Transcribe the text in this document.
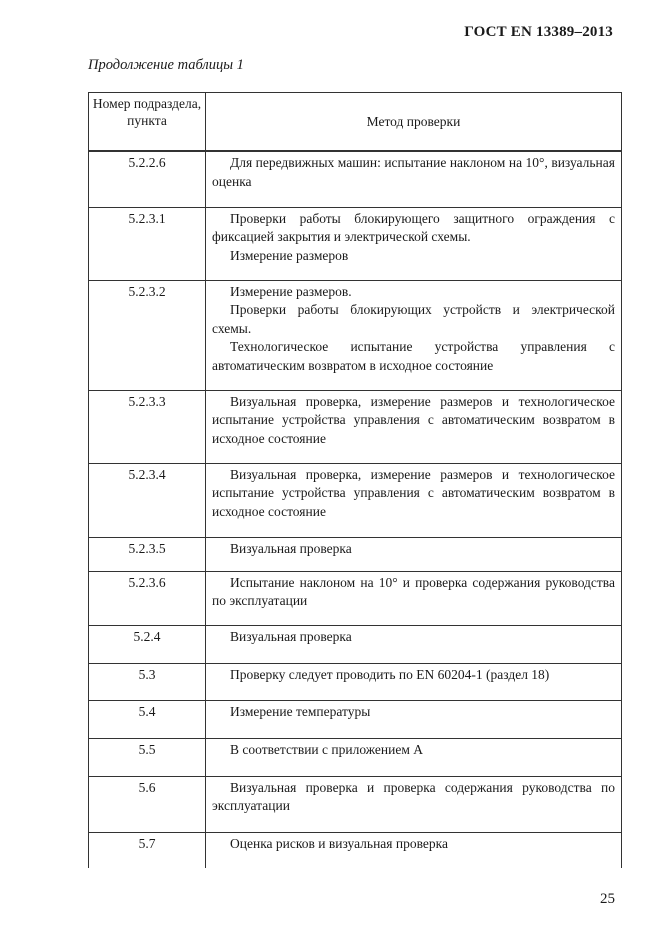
ГОСТ EN 13389–2013
Продолжение таблицы 1
Номер подраздела, пункта	Метод проверки
5.2.2.6	Для передвижных машин: испытание наклоном на 10°, визуальная оценка

5.2.3.1	Проверки работы блокирующего защитного ограждения с фиксацией закрытия и электрической схемы.
Измерение размеров

5.2.3.2	Измерение размеров.
Проверки работы блокирующих устройств и электрической схемы.
Технологическое испытание устройства управления с автоматическим возвратом в исходное состояние

5.2.3.3	Визуальная проверка, измерение размеров и технологическое испытание устройства управления с автоматическим возвратом в исходное состояние

5.2.3.4	Визуальная проверка, измерение размеров и технологическое испытание устройства управления с автоматическим возвратом в исходное состояние

5.2.3.5	Визуальная проверка

5.2.3.6	Испытание наклоном на 10° и проверка содержания руководства по эксплуатации

5.2.4	Визуальная проверка

5.3	Проверку следует проводить по EN 60204-1 (раздел 18)

5.4	Измерение температуры

5.5	В соответствии с приложением А

5.6	Визуальная проверка и проверка содержания руководства по эксплуатации

5.7	Оценка рисков и визуальная проверка
25
